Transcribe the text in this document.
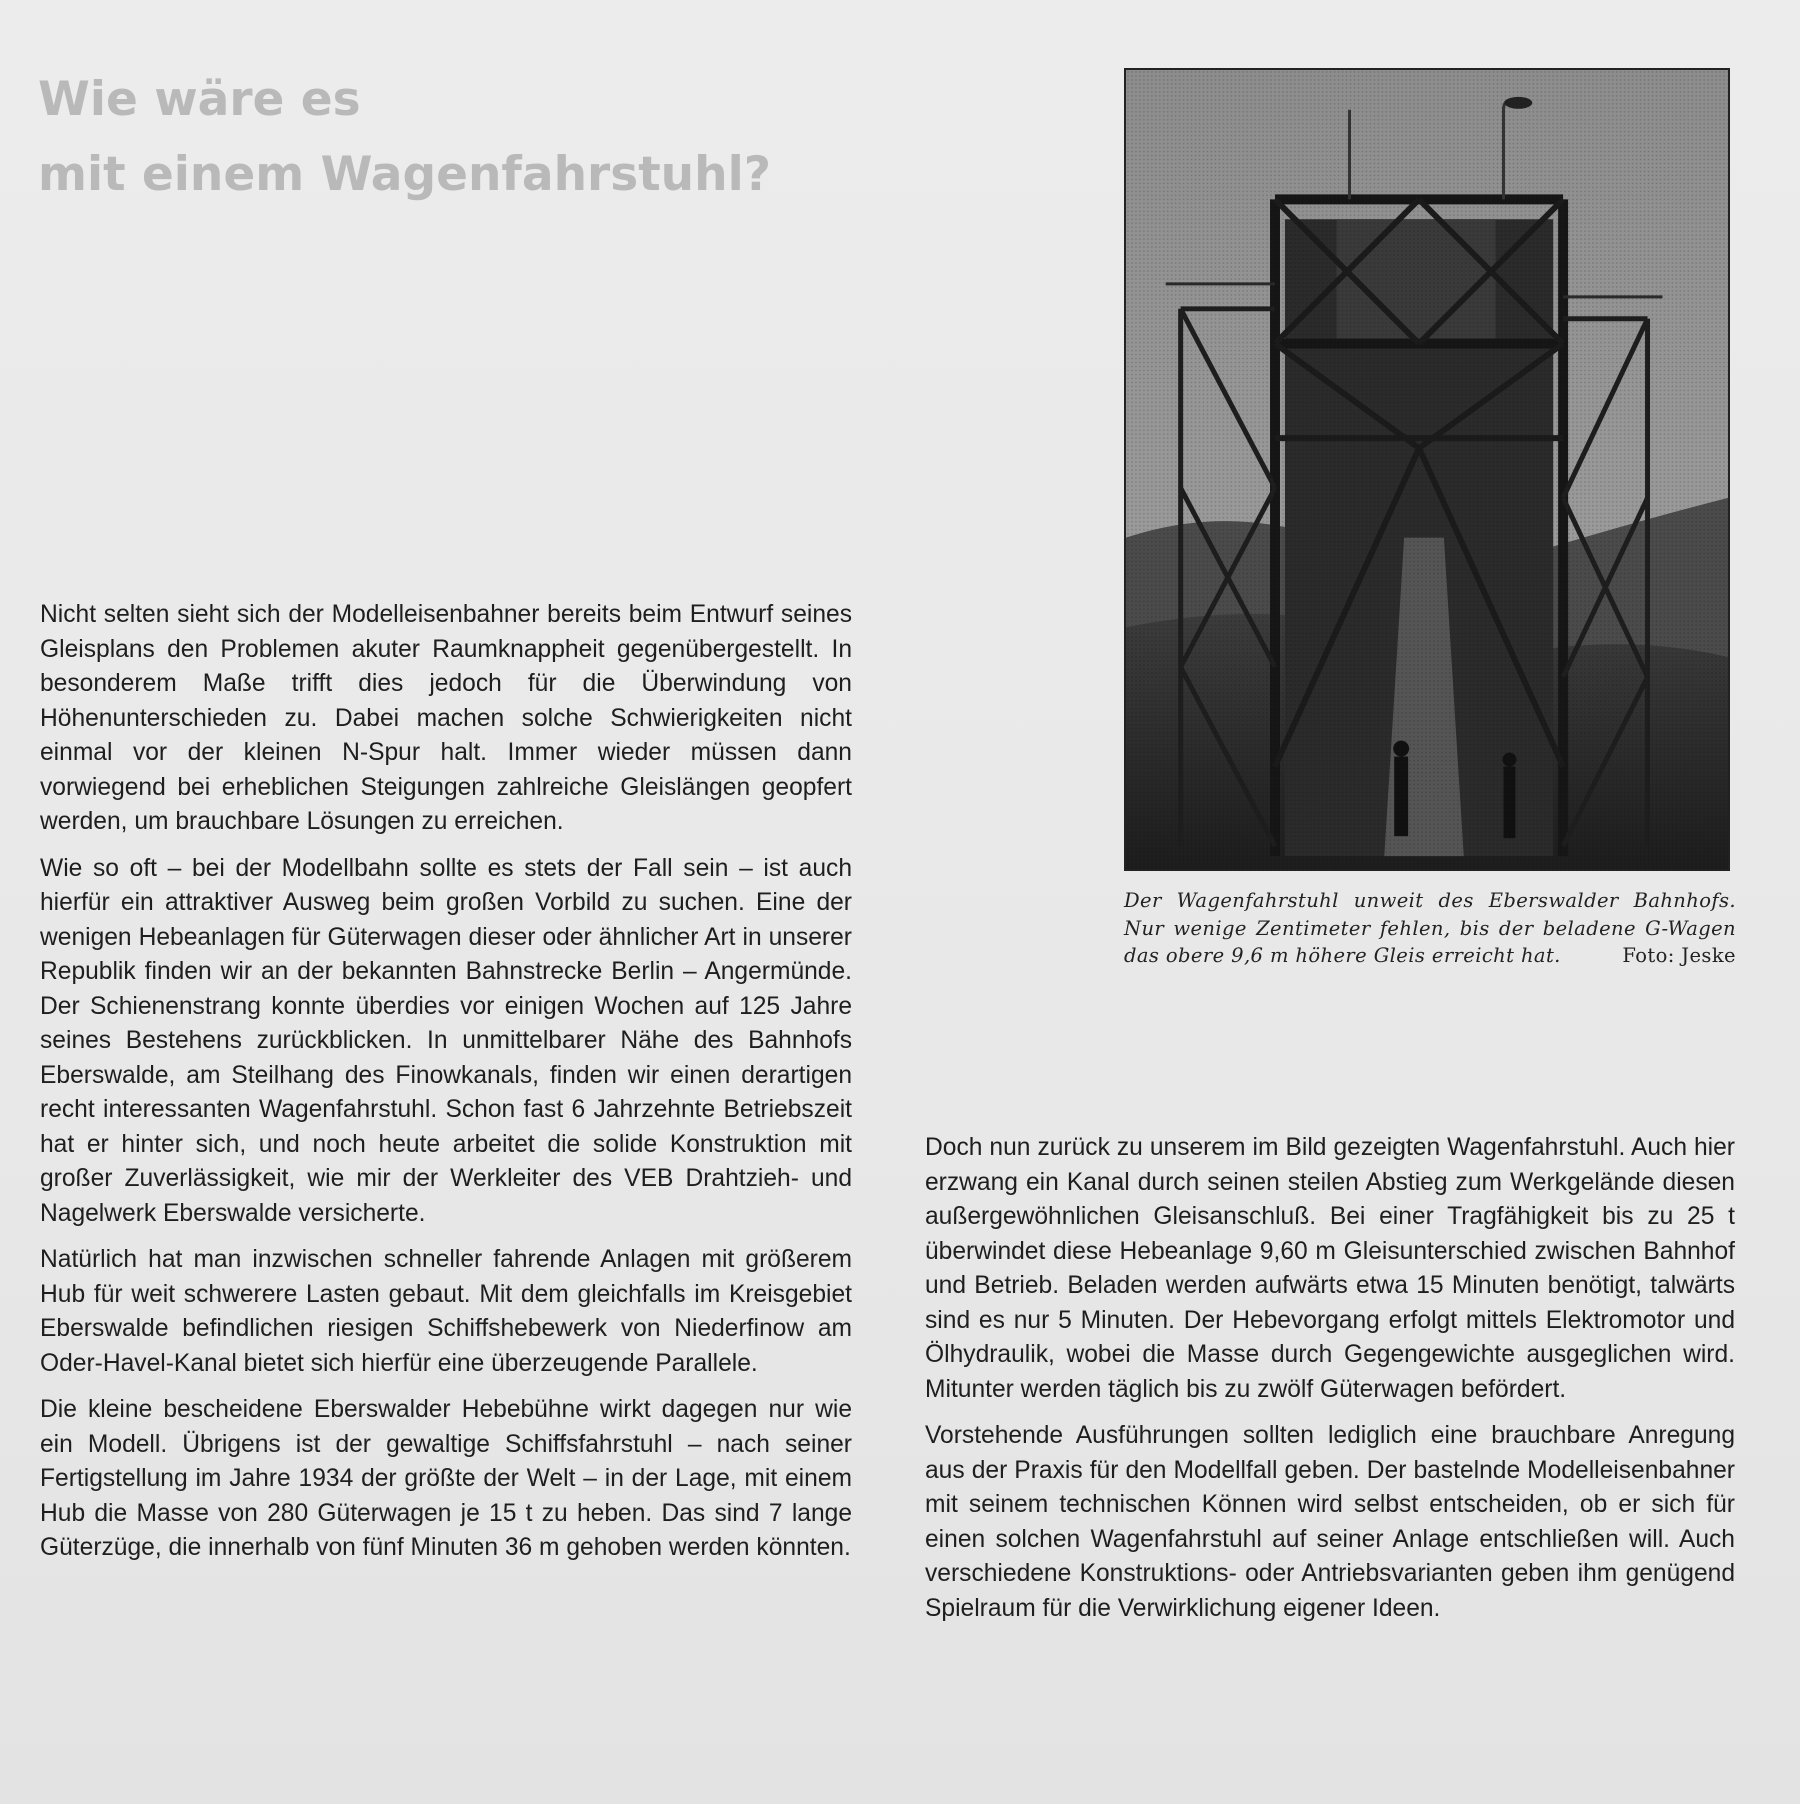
Wie wäre es
mit einem Wagenfahrstuhl?
Der Wagenfahrstuhl unweit des Eberswalder Bahnhofs. Nur wenige Zentimeter fehlen, bis der beladene G-Wagen das obere 9,6 m höhere Gleis erreicht hat.	Foto: Jeske

Nicht selten sieht sich der Modelleisenbahner bereits beim Entwurf seines Gleisplans den Problemen akuter Raumknappheit gegenübergestellt. In besonderem Maße trifft dies jedoch für die Überwindung von Höhenunterschieden zu. Dabei machen solche Schwierigkeiten nicht einmal vor der kleinen N-Spur halt. Immer wieder müssen dann vorwiegend bei erheblichen Steigungen zahlreiche Gleislängen geopfert werden, um brauchbare Lösungen zu erreichen.

Wie so oft – bei der Modellbahn sollte es stets der Fall sein – ist auch hierfür ein attraktiver Ausweg beim großen Vorbild zu suchen. Eine der wenigen Hebeanlagen für Güterwagen dieser oder ähnlicher Art in unserer Republik finden wir an der bekannten Bahnstrecke Berlin – Angermünde. Der Schienenstrang konnte überdies vor einigen Wochen auf 125 Jahre seines Bestehens zurückblicken. In unmittelbarer Nähe des Bahnhofs Eberswalde, am Steilhang des Finowkanals, finden wir einen derartigen recht interessanten Wagenfahrstuhl. Schon fast 6 Jahrzehnte Betriebszeit hat er hinter sich, und noch heute arbeitet die solide Konstruktion mit großer Zuverlässigkeit, wie mir der Werkleiter des VEB Drahtzieh- und Nagelwerk Eberswalde versicherte.

Natürlich hat man inzwischen schneller fahrende Anlagen mit größerem Hub für weit schwerere Lasten gebaut. Mit dem gleichfalls im Kreisgebiet Eberswalde befindlichen riesigen Schiffshebewerk von Niederfinow am Oder-Havel-Kanal bietet sich hierfür eine überzeugende Parallele.

Die kleine bescheidene Eberswalder Hebebühne wirkt dagegen nur wie ein Modell. Übrigens ist der gewaltige Schiffsfahrstuhl – nach seiner Fertigstellung im Jahre 1934 der größte der Welt – in der Lage, mit einem Hub die Masse von 280 Güterwagen je 15 t zu heben. Das sind 7 lange Güterzüge, die innerhalb von fünf Minuten 36 m gehoben werden könnten.

Doch nun zurück zu unserem im Bild gezeigten Wagenfahrstuhl. Auch hier erzwang ein Kanal durch seinen steilen Abstieg zum Werkgelände diesen außergewöhnlichen Gleisanschluß. Bei einer Tragfähigkeit bis zu 25 t überwindet diese Hebeanlage 9,60 m Gleisunterschied zwischen Bahnhof und Betrieb. Beladen werden aufwärts etwa 15 Minuten benötigt, talwärts sind es nur 5 Minuten. Der Hebevorgang erfolgt mittels Elektromotor und Ölhydraulik, wobei die Masse durch Gegengewichte ausgeglichen wird. Mitunter werden täglich bis zu zwölf Güterwagen befördert.

Vorstehende Ausführungen sollten lediglich eine brauchbare Anregung aus der Praxis für den Modellfall geben. Der bastelnde Modelleisenbahner mit seinem technischen Können wird selbst entscheiden, ob er sich für einen solchen Wagenfahrstuhl auf seiner Anlage entschließen will. Auch verschiedene Konstruktions- oder Antriebsvarianten geben ihm genügend Spielraum für die Verwirklichung eigener Ideen.
